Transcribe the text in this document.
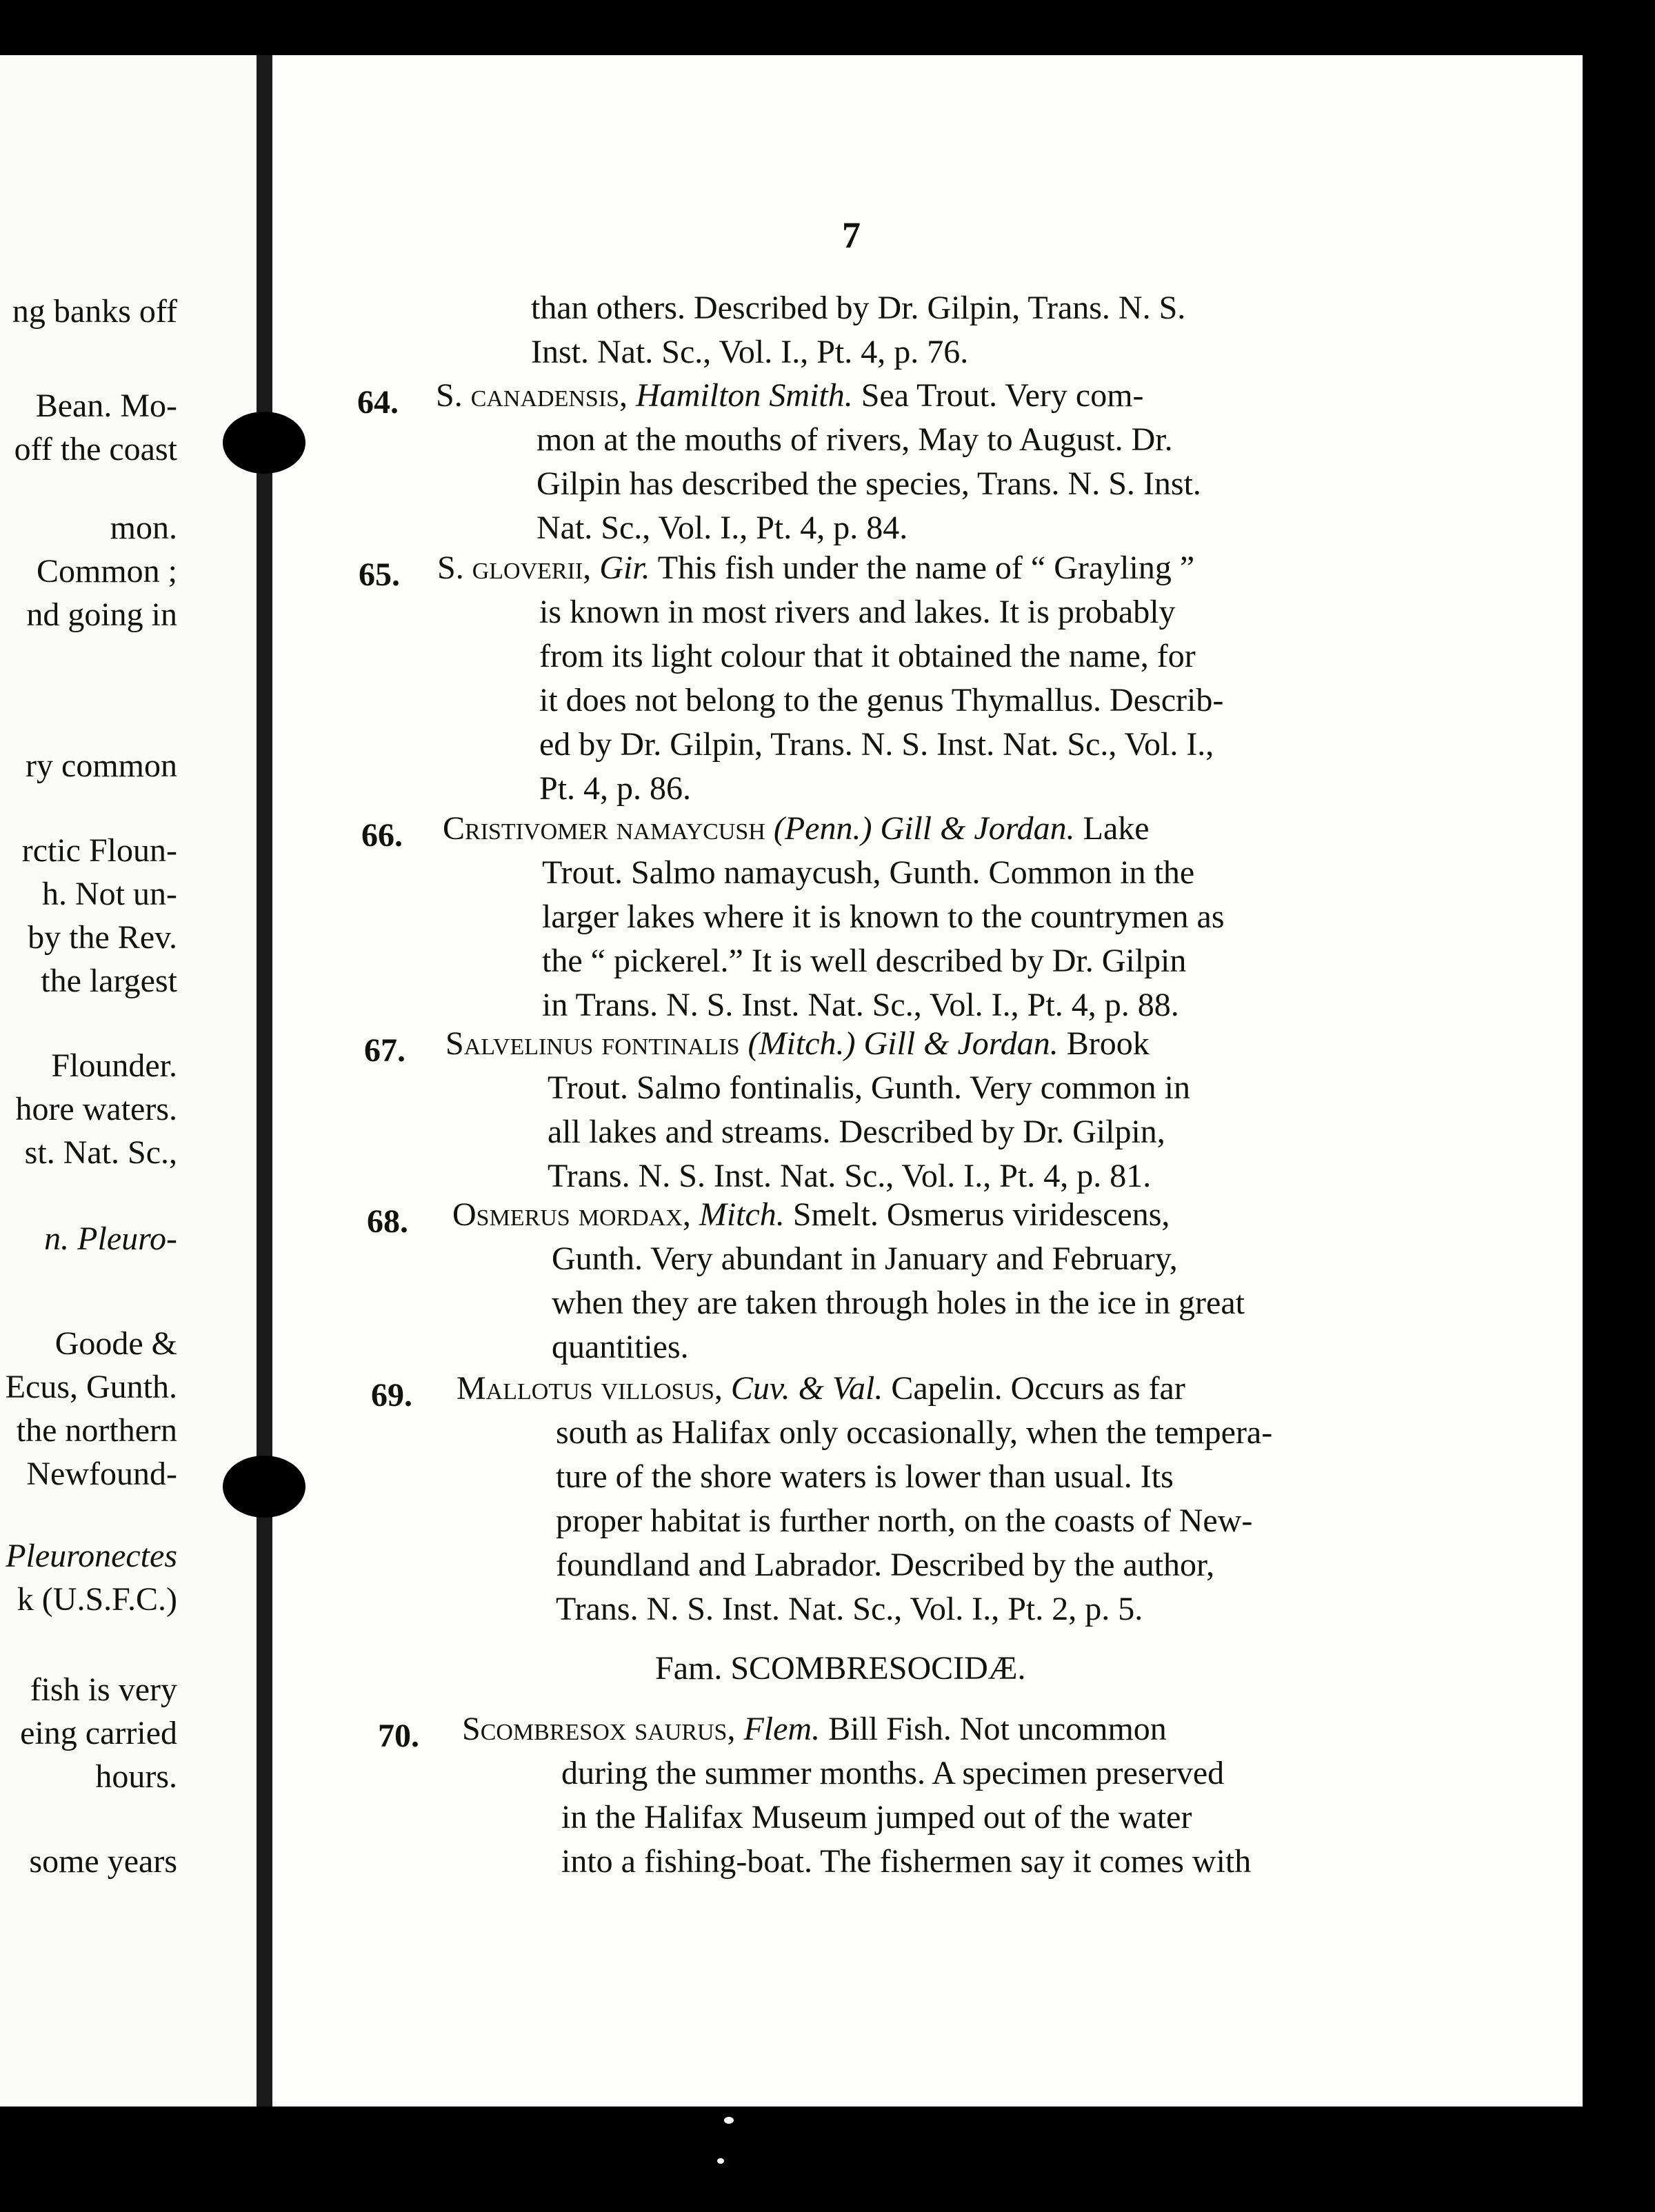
ng banks off
Bean. Mo-
off the coast
mon.
Common ;
nd going in
ry common
rctic Floun-
h. Not un-
by the Rev.
the largest
Flounder.
hore waters.
st. Nat. Sc.,
n. Pleuro-
Goode &
Ecus, Gunth.
the northern
Newfound-
Pleuronectes
k (U.S.F.C.)
fish is very
eing carried
hours.
some years
7
than others. Described by Dr. Gilpin, Trans. N. S.
Inst. Nat. Sc., Vol. I., Pt. 4, p. 76.
64. S. canadensis, Hamilton Smith. Sea Trout. Very com-
mon at the mouths of rivers, May to August. Dr.
Gilpin has described the species, Trans. N. S. Inst.
Nat. Sc., Vol. I., Pt. 4, p. 84.
65. S. gloverii, Gir. This fish under the name of “ Grayling ”
is known in most rivers and lakes. It is probably
from its light colour that it obtained the name, for
it does not belong to the genus Thymallus. Describ-
ed by Dr. Gilpin, Trans. N. S. Inst. Nat. Sc., Vol. I.,
Pt. 4, p. 86.
66. Cristivomer namaycush (Penn.) Gill & Jordan. Lake
Trout. Salmo namaycush, Gunth. Common in the
larger lakes where it is known to the countrymen as
the “ pickerel.” It is well described by Dr. Gilpin
in Trans. N. S. Inst. Nat. Sc., Vol. I., Pt. 4, p. 88.
67. Salvelinus fontinalis (Mitch.) Gill & Jordan. Brook
Trout. Salmo fontinalis, Gunth. Very common in
all lakes and streams. Described by Dr. Gilpin,
Trans. N. S. Inst. Nat. Sc., Vol. I., Pt. 4, p. 81.
68. Osmerus mordax, Mitch. Smelt. Osmerus viridescens,
Gunth. Very abundant in January and February,
when they are taken through holes in the ice in great
quantities.
69. Mallotus villosus, Cuv. & Val. Capelin. Occurs as far
south as Halifax only occasionally, when the tempera-
ture of the shore waters is lower than usual. Its
proper habitat is further north, on the coasts of New-
foundland and Labrador. Described by the author,
Trans. N. S. Inst. Nat. Sc., Vol. I., Pt. 2, p. 5.
Fam. SCOMBRESOCIDÆ.
70. Scombresox saurus, Flem. Bill Fish. Not uncommon
during the summer months. A specimen preserved
in the Halifax Museum jumped out of the water
into a fishing-boat. The fishermen say it comes with
